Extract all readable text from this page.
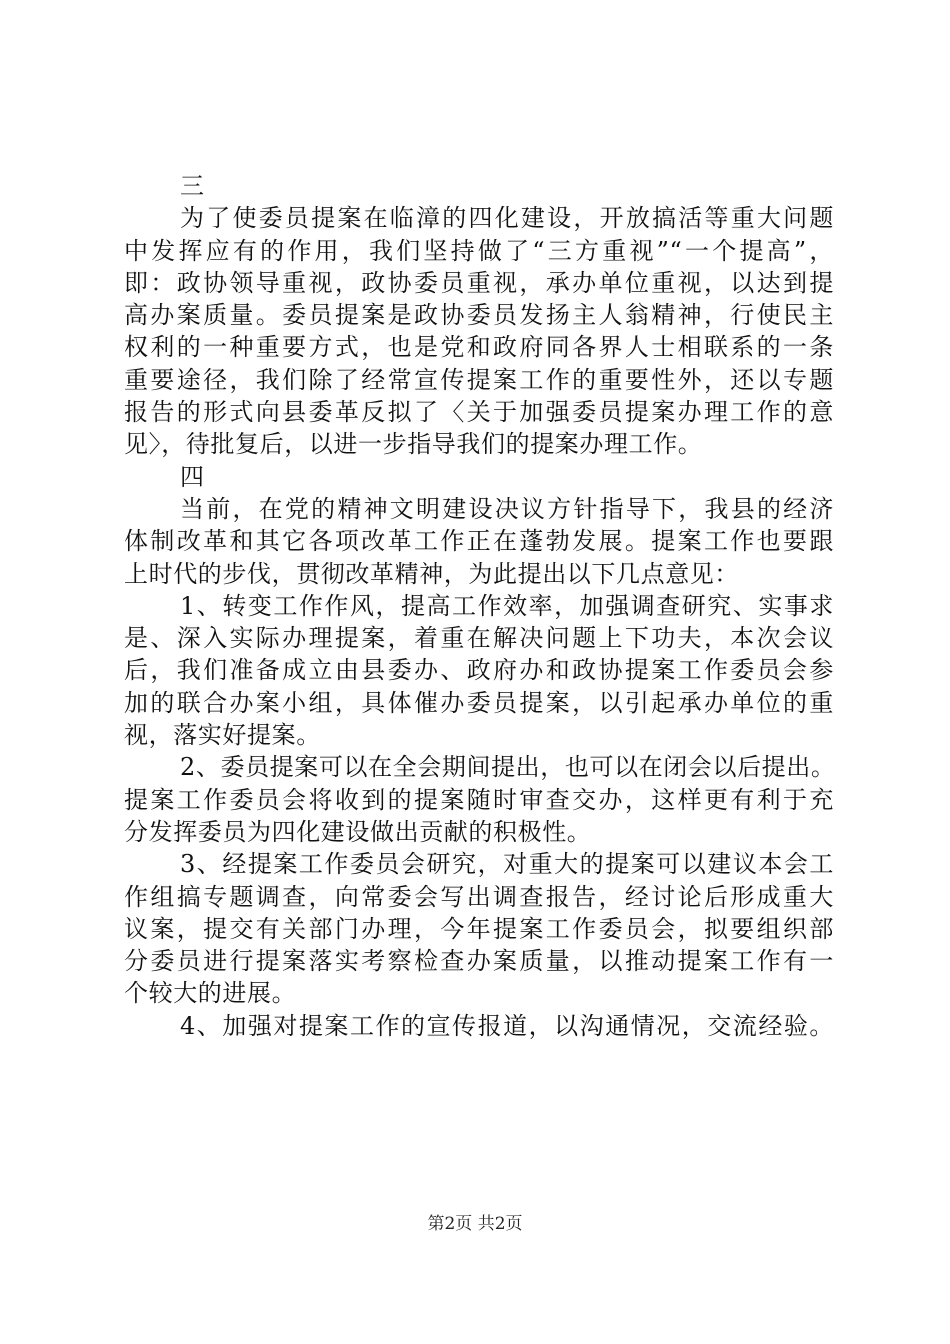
三
为了使委员提案在临漳的四化建设，开放搞活等重大问题
中发挥应有的作用，我们坚持做了“三方重视”“一个提高”，
即：政协领导重视，政协委员重视，承办单位重视，以达到提
高办案质量。委员提案是政协委员发扬主人翁精神，行使民主
权利的一种重要方式，也是党和政府同各界人士相联系的一条
重要途径，我们除了经常宣传提案工作的重要性外，还以专题
报告的形式向县委革反拟了〈关于加强委员提案办理工作的意
见〉，待批复后，以进一步指导我们的提案办理工作。
四
当前，在党的精神文明建设决议方针指导下，我县的经济
体制改革和其它各项改革工作正在蓬勃发展。提案工作也要跟
上时代的步伐，贯彻改革精神，为此提出以下几点意见：
1、转变工作作风，提高工作效率，加强调查研究、实事求
是、深入实际办理提案，着重在解决问题上下功夫，本次会议
后，我们准备成立由县委办、政府办和政协提案工作委员会参
加的联合办案小组，具体催办委员提案，以引起承办单位的重
视，落实好提案。
2、委员提案可以在全会期间提出，也可以在闭会以后提出。
提案工作委员会将收到的提案随时审查交办，这样更有利于充
分发挥委员为四化建设做出贡献的积极性。
3、经提案工作委员会研究，对重大的提案可以建议本会工
作组搞专题调查，向常委会写出调查报告，经讨论后形成重大
议案，提交有关部门办理，今年提案工作委员会，拟要组织部
分委员进行提案落实考察检查办案质量，以推动提案工作有一
个较大的进展。
4、加强对提案工作的宣传报道，以沟通情况，交流经验。
第2页 共2页
